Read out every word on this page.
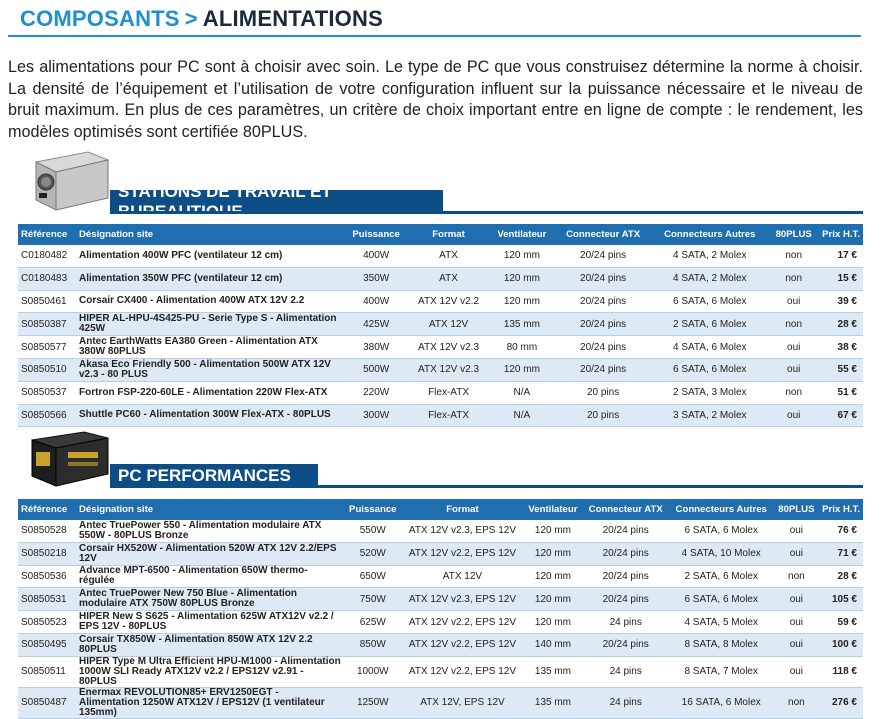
COMPOSANTS > ALIMENTATIONS

Les alimentations pour PC sont à choisir avec soin. Le type de PC que vous construisez détermine la norme à choisir. La densité de l’équipement et l’utilisation de votre configuration influent sur la puissance nécessaire et le niveau de bruit maximum. En plus de ces paramètres, un critère de choix important entre en ligne de compte : le rendement, les modèles optimisés sont certifiée 80PLUS.

STATIONS DE TRAVAIL ET
Référence	Désignation site	Puissance	Format	Ventilateur	Connecteur ATX	Connecteurs Autres	80PLUS	Prix H.T.
C0180482	Alimentation 400W PFC (ventilateur 12 cm)	400W	ATX	120 mm	20/24 pins	4 SATA, 2 Molex	non	17 €
C0180483	Alimentation 350W PFC (ventilateur 12 cm)	350W	ATX	120 mm	20/24 pins	4 SATA, 2 Molex	non	15 €
S0850461	Corsair CX400 - Alimentation 400W ATX 12V 2.2	400W	ATX 12V v2.2	120 mm	20/24 pins	6 SATA, 6 Molex	oui	39 €
S0850387	HIPER AL-HPU-4S425-PU - Serie Type S - Alimentation 425W	425W	ATX 12V	135 mm	20/24 pins	2 SATA, 6 Molex	non	28 €
S0850577	Antec EarthWatts EA380 Green - Alimentation ATX 380W 80PLUS	380W	ATX 12V v2.3	80 mm	20/24 pins	4 SATA, 6 Molex	oui	38 €
S0850510	Akasa Eco Friendly 500 - Alimentation 500W ATX 12V v2.3 - 80 PLUS	500W	ATX 12V v2.3	120 mm	20/24 pins	6 SATA, 6 Molex	oui	55 €
S0850537	Fortron FSP-220-60LE - Alimentation 220W Flex-ATX	220W	Flex-ATX	N/A	20 pins	2 SATA, 3 Molex	non	51 €
S0850566	Shuttle PC60 - Alimentation 300W Flex-ATX - 80PLUS	300W	Flex-ATX	N/A	20 pins	3 SATA, 2 Molex	oui	67 €
PC PERFORMANCES
Référence	Désignation site	Puissance	Format	Ventilateur	Connecteur ATX	Connecteurs Autres	80PLUS	Prix H.T.
S0850528	Antec TruePower 550 - Alimentation modulaire ATX 550W - 80PLUS Bronze	550W	ATX 12V v2.3, EPS 12V	120 mm	20/24 pins	6 SATA, 6 Molex	oui	76 €
S0850218	Corsair HX520W - Alimentation 520W ATX 12V 2.2/EPS 12V	520W	ATX 12V v2.2, EPS 12V	120 mm	20/24 pins	4 SATA, 10 Molex	oui	71 €
S0850536	Advance MPT-6500 - Alimentation 650W thermo-régulée	650W	ATX 12V	120 mm	20/24 pins	2 SATA, 6 Molex	non	28 €
S0850531	Antec TruePower New 750 Blue - Alimentation modulaire ATX 750W 80PLUS Bronze	750W	ATX 12V v2.3, EPS 12V	120 mm	20/24 pins	6 SATA, 6 Molex	oui	105 €
S0850523	HIPER New S S625 - Alimentation 625W ATX12V v2.2 / EPS 12V - 80PLUS	625W	ATX 12V v2.2, EPS 12V	120 mm	24 pins	4 SATA, 5 Molex	oui	59 €
S0850495	Corsair TX850W - Alimentation 850W ATX 12V 2.2 80PLUS	850W	ATX 12V v2.2, EPS 12V	140 mm	20/24 pins	8 SATA, 8 Molex	oui	100 €
S0850511	HIPER Type M Ultra Efficient HPU-M1000 - Alimentation 1000W SLI Ready ATX12V v2.2 / EPS12V v2.91 - 80PLUS	1000W	ATX 12V v2.2, EPS 12V	135 mm	24 pins	8 SATA, 7 Molex	oui	118 €
S0850487	Enermax REVOLUTION85+ ERV1250EGT - Alimentation 1250W ATX12V / EPS12V (1 ventilateur 135mm)	1250W	ATX 12V, EPS 12V	135 mm	24 pins	16 SATA, 6 Molex	non	276 €
